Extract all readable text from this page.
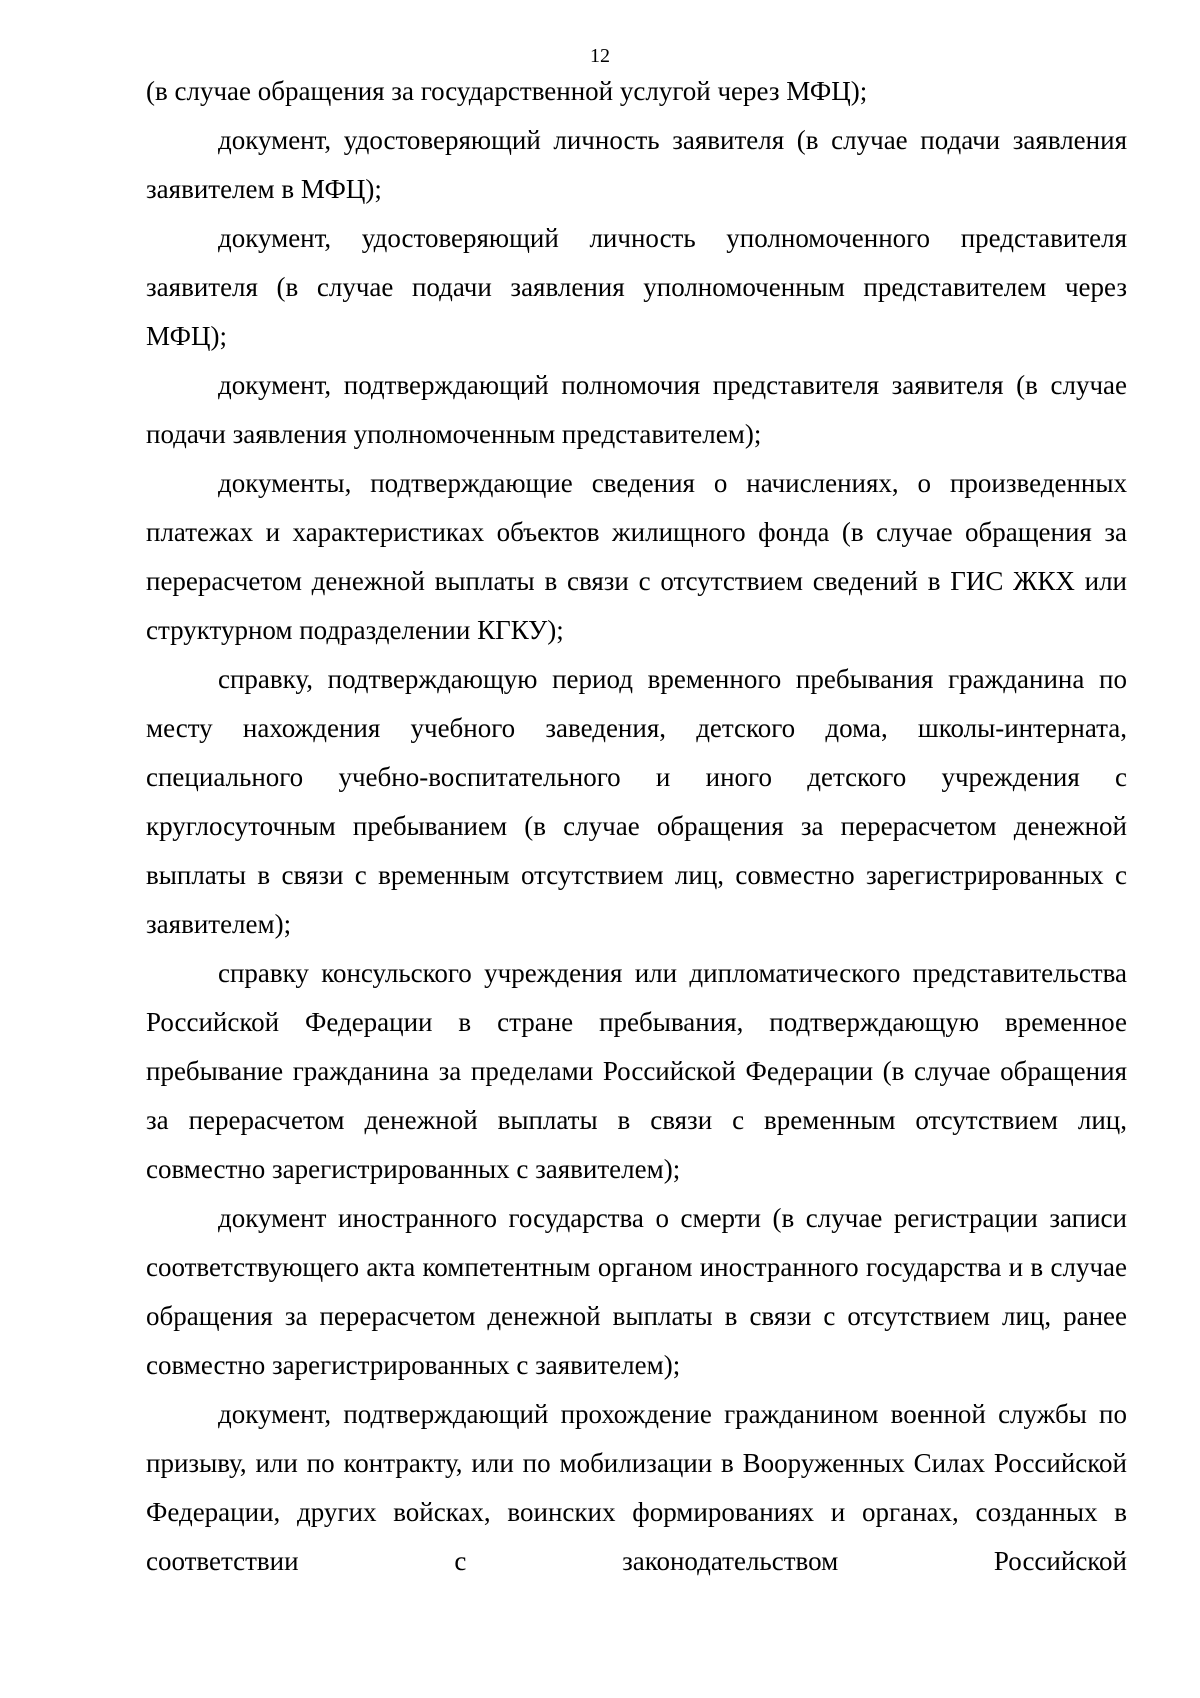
12

(в случае обращения за государственной услугой через МФЦ);

документ, удостоверяющий личность заявителя (в случае подачи заявления заявителем в МФЦ);

документ, удостоверяющий личность уполномоченного представителя заявителя (в случае подачи заявления уполномоченным представителем через МФЦ);

документ, подтверждающий полномочия представителя заявителя (в случае подачи заявления уполномоченным представителем);

документы, подтверждающие сведения о начислениях, о произведенных платежах и характеристиках объектов жилищного фонда (в случае обращения за перерасчетом денежной выплаты в связи с отсутствием сведений в ГИС ЖКХ или структурном подразделении КГКУ);

справку, подтверждающую период временного пребывания гражданина по месту нахождения учебного заведения, детского дома, школы-интерната, специального учебно-воспитательного и иного детского учреждения с круглосуточным пребыванием (в случае обращения за перерасчетом денежной выплаты в связи с временным отсутствием лиц, совместно зарегистрированных с заявителем);

справку консульского учреждения или дипломатического представительства Российской Федерации в стране пребывания, подтверждающую временное пребывание гражданина за пределами Российской Федерации (в случае обращения за перерасчетом денежной выплаты в связи с временным отсутствием лиц, совместно зарегистрированных с заявителем);

документ иностранного государства о смерти (в случае регистрации записи соответствующего акта компетентным органом иностранного государства и в случае обращения за перерасчетом денежной выплаты в связи с отсутствием лиц, ранее совместно зарегистрированных с заявителем);

документ, подтверждающий прохождение гражданином военной службы по призыву, или по контракту, или по мобилизации в Вооруженных Силах Российской Федерации, других войсках, воинских формированиях и органах, созданных в соответствии с законодательством Российской
